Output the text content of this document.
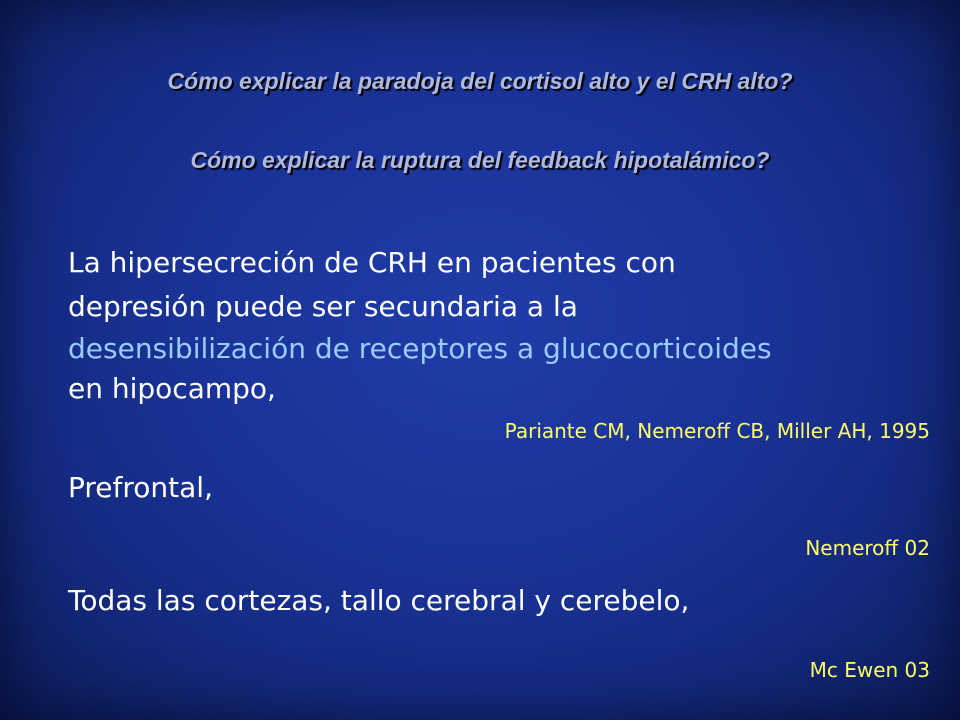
Cómo explicar la paradoja del cortisol alto y el CRH alto?
Cómo explicar la ruptura del feedback hipotalámico?
La hipersecreción de CRH en pacientes con
depresión puede ser secundaria a la
desensibilización de receptores a glucocorticoides
en hipocampo,
Pariante CM, Nemeroff CB, Miller AH, 1995
Prefrontal,
Nemeroff 02
Todas las cortezas, tallo cerebral y cerebelo,
Mc Ewen 03
